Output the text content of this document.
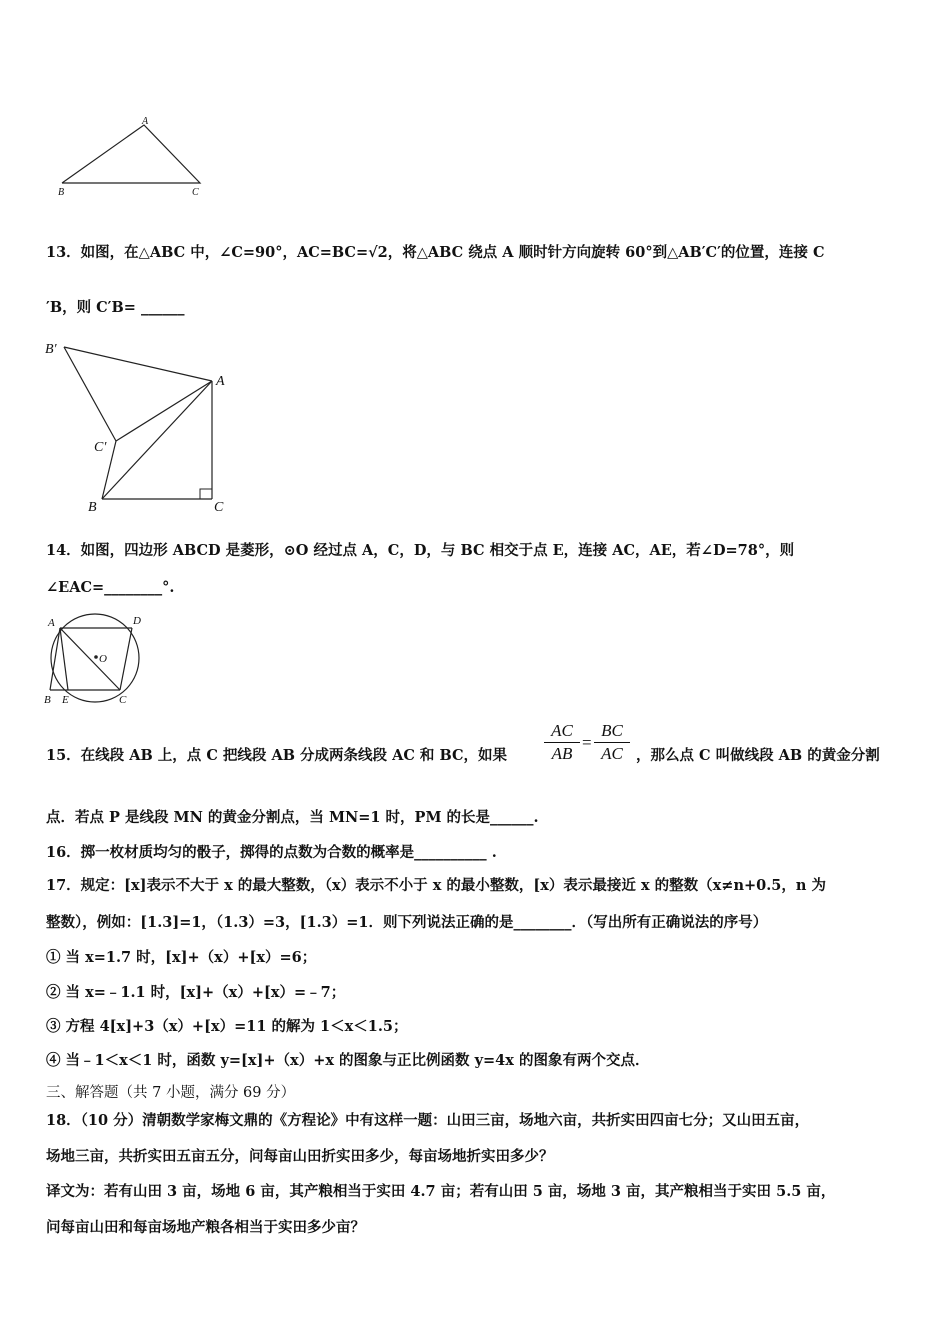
A
B	C
13．如图，在△ABC 中，∠C=90°，AC=BC=√2，将△ABC 绕点 A 顺时针方向旋转 60°到△AB′C′的位置，连接 C
′B，则 C′B= ______
B′
A
C′
B	C
14．如图，四边形 ABCD 是菱形，⊙O 经过点 A，C，D，与 BC 相交于点 E，连接 AC，AE，若∠D=78°，则
∠EAC=________°.
A	D
O
B E	C
15．在线段 AB 上，点 C 把线段 AB 分成两条线段 AC 和 BC，如果 $\frac{AC}{AB} = \frac{BC}{AC}$ ，那么点 C 叫做线段 AB 的黄金分割
点．若点 P 是线段 MN 的黄金分割点，当 MN=1 时，PM 的长是______.
16．掷一枚材质均匀的骰子，掷得的点数为合数的概率是__________ .
17．规定：[x]表示不大于 x 的最大整数，（x）表示不小于 x 的最小整数，[x）表示最接近 x 的整数（x≠n+0.5，n 为
整数），例如：[1.3]=1，（1.3）=3，[1.3）=1．则下列说法正确的是________．（写出所有正确说法的序号）
① 当 x=1.7 时，[x]+（x）+[x）=6；
② 当 x=﹣1.1 时，[x]+（x）+[x）=﹣7；
③ 方程 4[x]+3（x）+[x）=11 的解为 1＜x＜1.5；
④ 当﹣1＜x＜1 时，函数 y=[x]+（x）+x 的图象与正比例函数 y=4x 的图象有两个交点．
三、解答题（共 7 小题，满分 69 分）
18．（10 分）清朝数学家梅文鼎的《方程论》中有这样一题：山田三亩，场地六亩，共折实田四亩七分；又山田五亩，
场地三亩，共折实田五亩五分，问每亩山田折实田多少，每亩场地折实田多少？
译文为：若有山田 3 亩，场地 6 亩，其产粮相当于实田 4.7 亩；若有山田 5 亩，场地 3 亩，其产粮相当于实田 5.5 亩，
问每亩山田和每亩场地产粮各相当于实田多少亩？
